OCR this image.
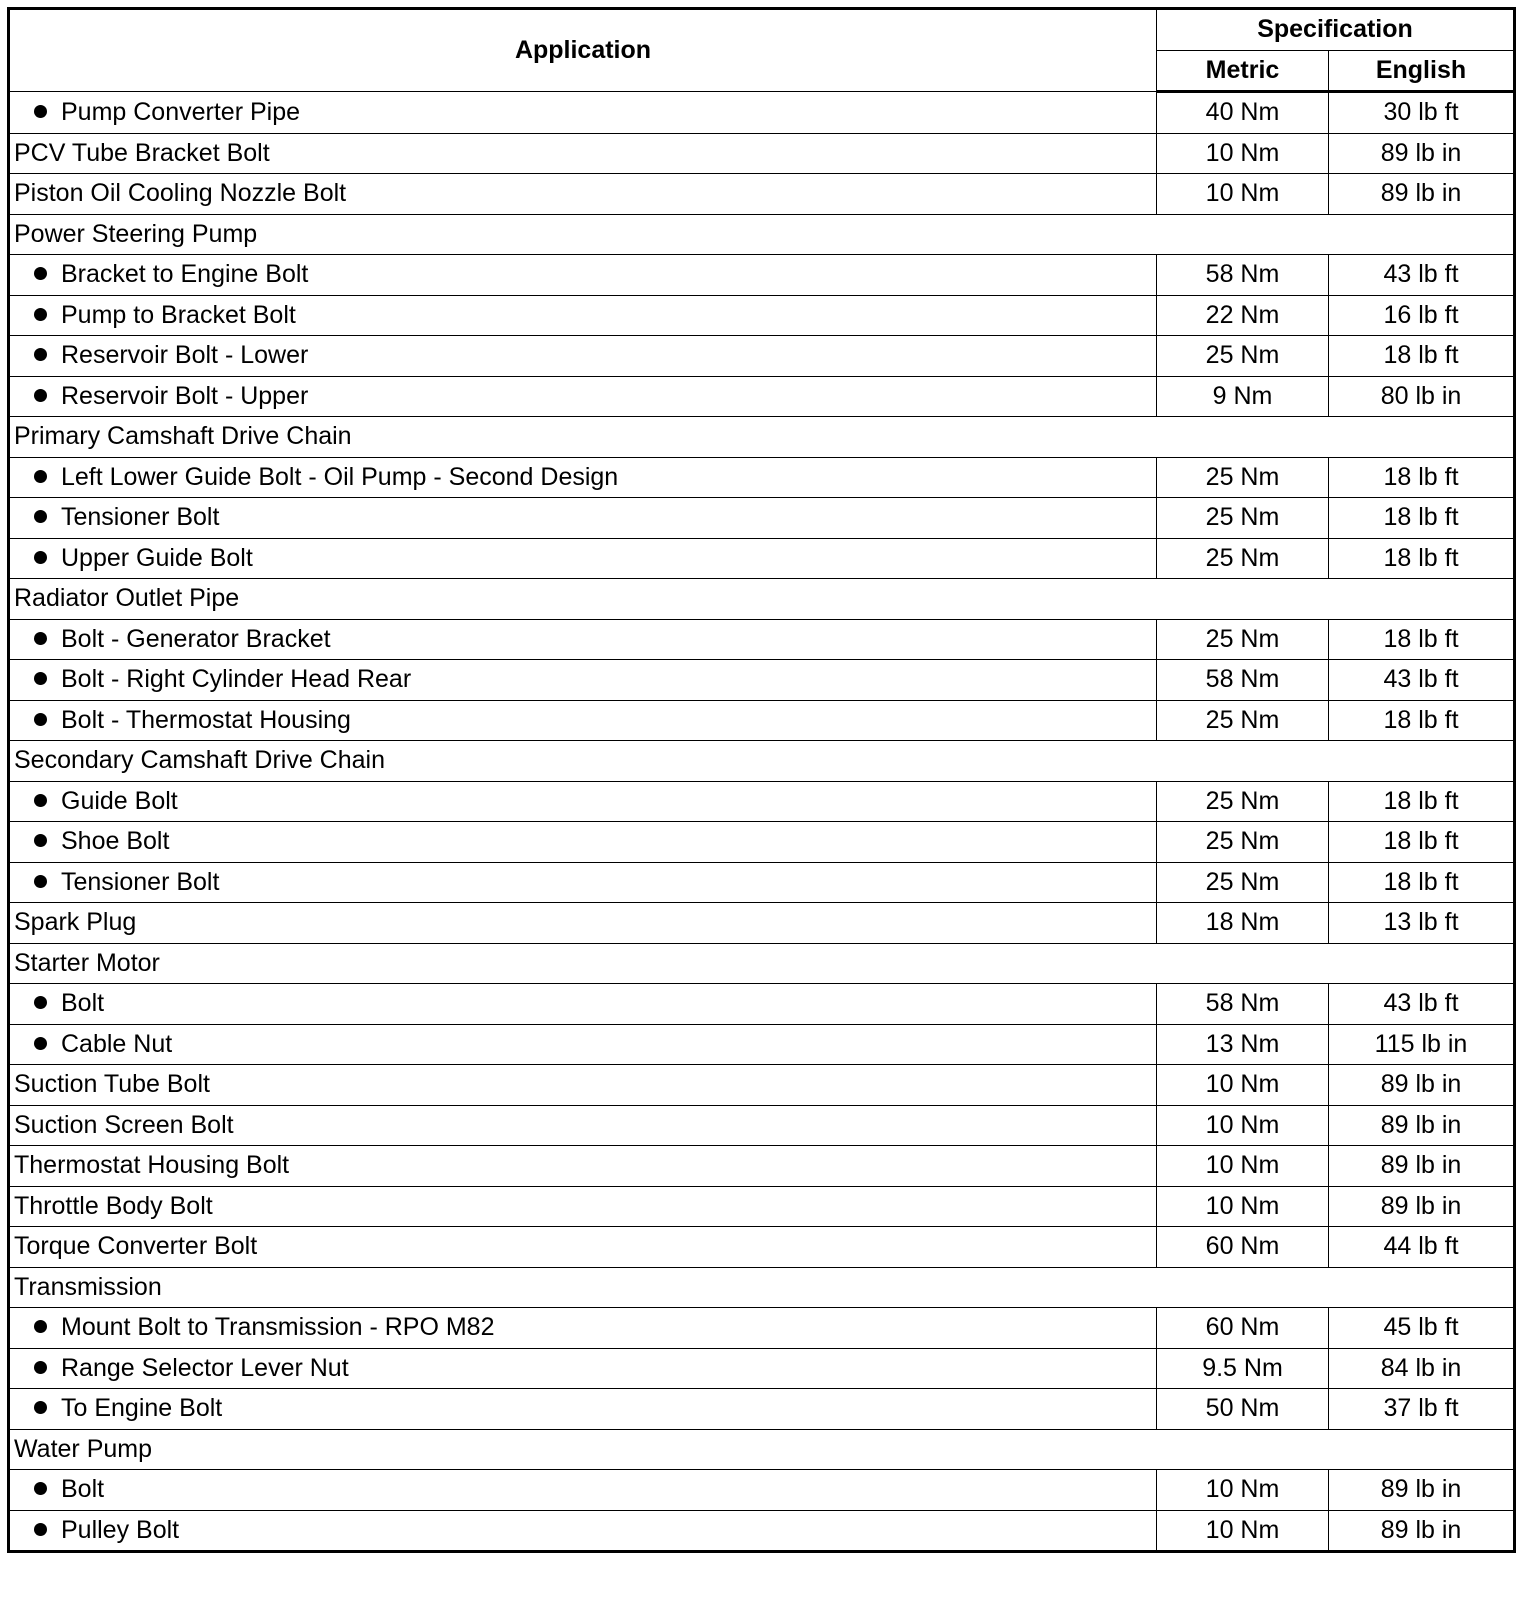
Application	Specification	
	Metric	English
Pump Converter Pipe	40 Nm	30 lb ft
PCV Tube Bracket Bolt	10 Nm	89 lb in
Piston Oil Cooling Nozzle Bolt	10 Nm	89 lb in
Power Steering Pump		
Bracket to Engine Bolt	58 Nm	43 lb ft
Pump to Bracket Bolt	22 Nm	16 lb ft
Reservoir Bolt - Lower	25 Nm	18 lb ft
Reservoir Bolt - Upper	9 Nm	80 lb in
Primary Camshaft Drive Chain		
Left Lower Guide Bolt - Oil Pump - Second Design	25 Nm	18 lb ft
Tensioner Bolt	25 Nm	18 lb ft
Upper Guide Bolt	25 Nm	18 lb ft
Radiator Outlet Pipe		
Bolt - Generator Bracket	25 Nm	18 lb ft
Bolt - Right Cylinder Head Rear	58 Nm	43 lb ft
Bolt - Thermostat Housing	25 Nm	18 lb ft
Secondary Camshaft Drive Chain		
Guide Bolt	25 Nm	18 lb ft
Shoe Bolt	25 Nm	18 lb ft
Tensioner Bolt	25 Nm	18 lb ft
Spark Plug	18 Nm	13 lb ft
Starter Motor		
Bolt	58 Nm	43 lb ft
Cable Nut	13 Nm	115 lb in
Suction Tube Bolt	10 Nm	89 lb in
Suction Screen Bolt	10 Nm	89 lb in
Thermostat Housing Bolt	10 Nm	89 lb in
Throttle Body Bolt	10 Nm	89 lb in
Torque Converter Bolt	60 Nm	44 lb ft
Transmission		
Mount Bolt to Transmission - RPO M82	60 Nm	45 lb ft
Range Selector Lever Nut	9.5 Nm	84 lb in
To Engine Bolt	50 Nm	37 lb ft
Water Pump		
Bolt	10 Nm	89 lb in
Pulley Bolt	10 Nm	89 lb in
